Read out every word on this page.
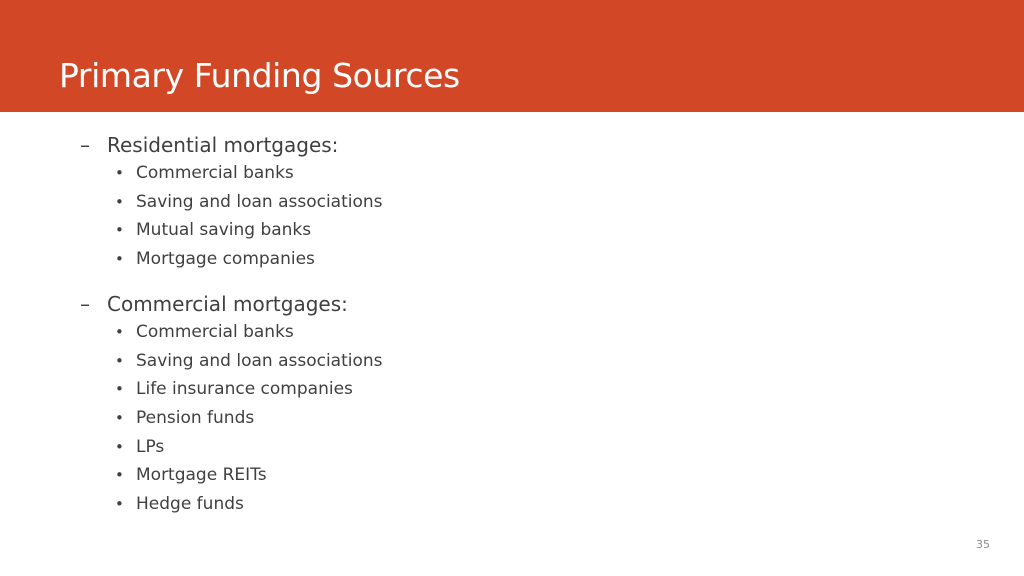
Primary Funding Sources
– Residential mortgages:
• Commercial banks
• Saving and loan associations
• Mutual saving banks
• Mortgage companies
– Commercial mortgages:
• Commercial banks
• Saving and loan associations
• Life insurance companies
• Pension funds
• LPs
• Mortgage REITs
• Hedge funds
35
